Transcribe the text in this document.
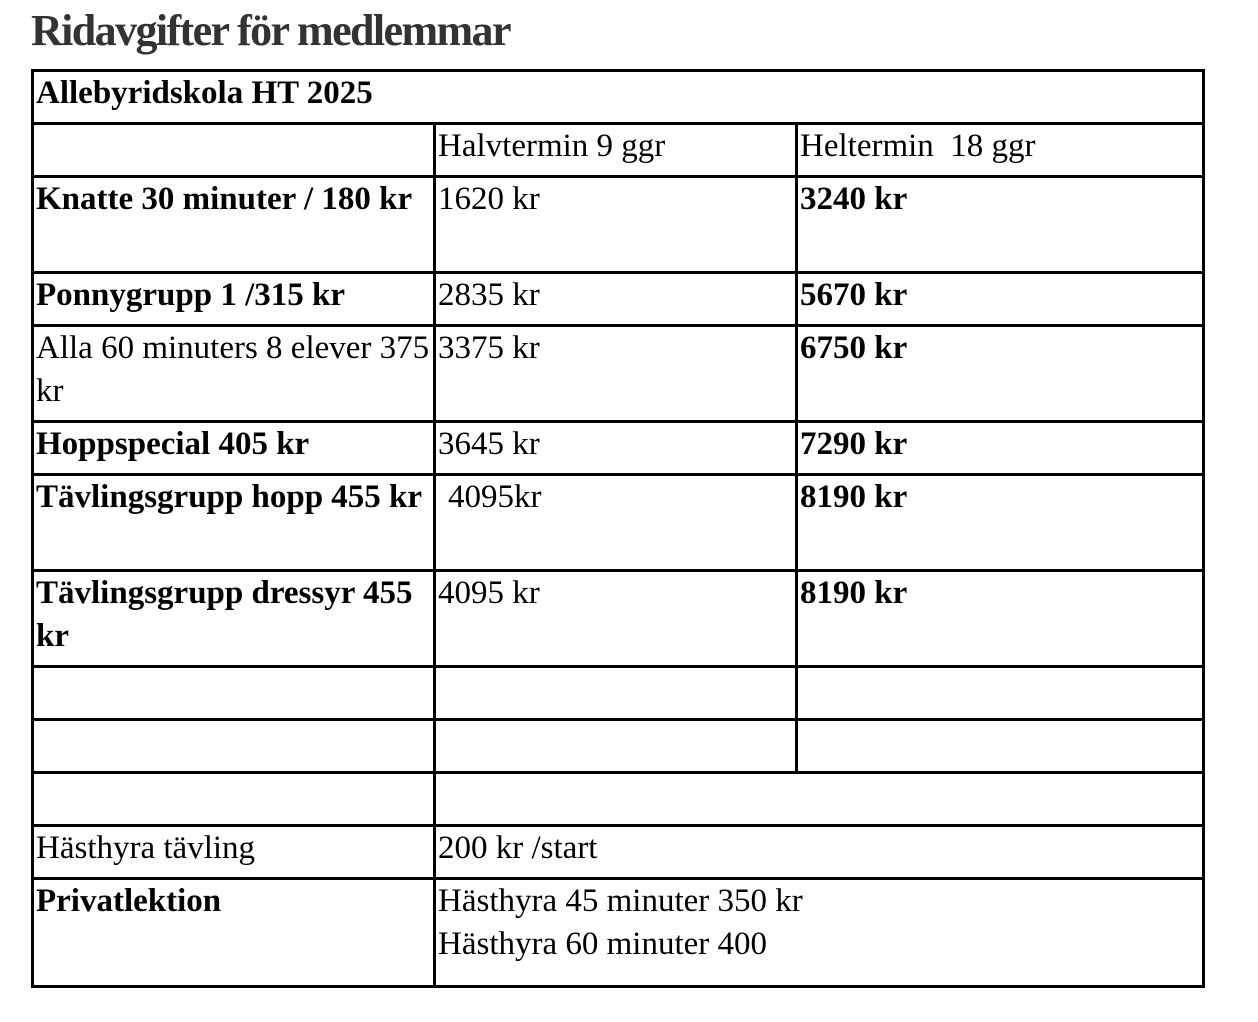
Ridavgifter för medlemmar
Allebyridskola HT 2025		
	Halvtermin 9 ggr	Heltermin  18 ggr
Knatte 30 minuter / 180 kr	1620 kr	3240 kr
Ponnygrupp 1 /315 kr	2835 kr	5670 kr
Alla 60 minuters 8 elever 375 kr	3375 kr	6750 kr
Hoppspecial 405 kr	3645 kr	7290 kr
Tävlingsgrupp hopp 455 kr	4095kr	8190 kr
Tävlingsgrupp dressyr 455 kr	4095 kr	8190 kr

Hästhyra tävling	200 kr /start	
Privatlektion	Hästhyra 45 minuter 350 kr
Hästhyra 60 minuter 400	
